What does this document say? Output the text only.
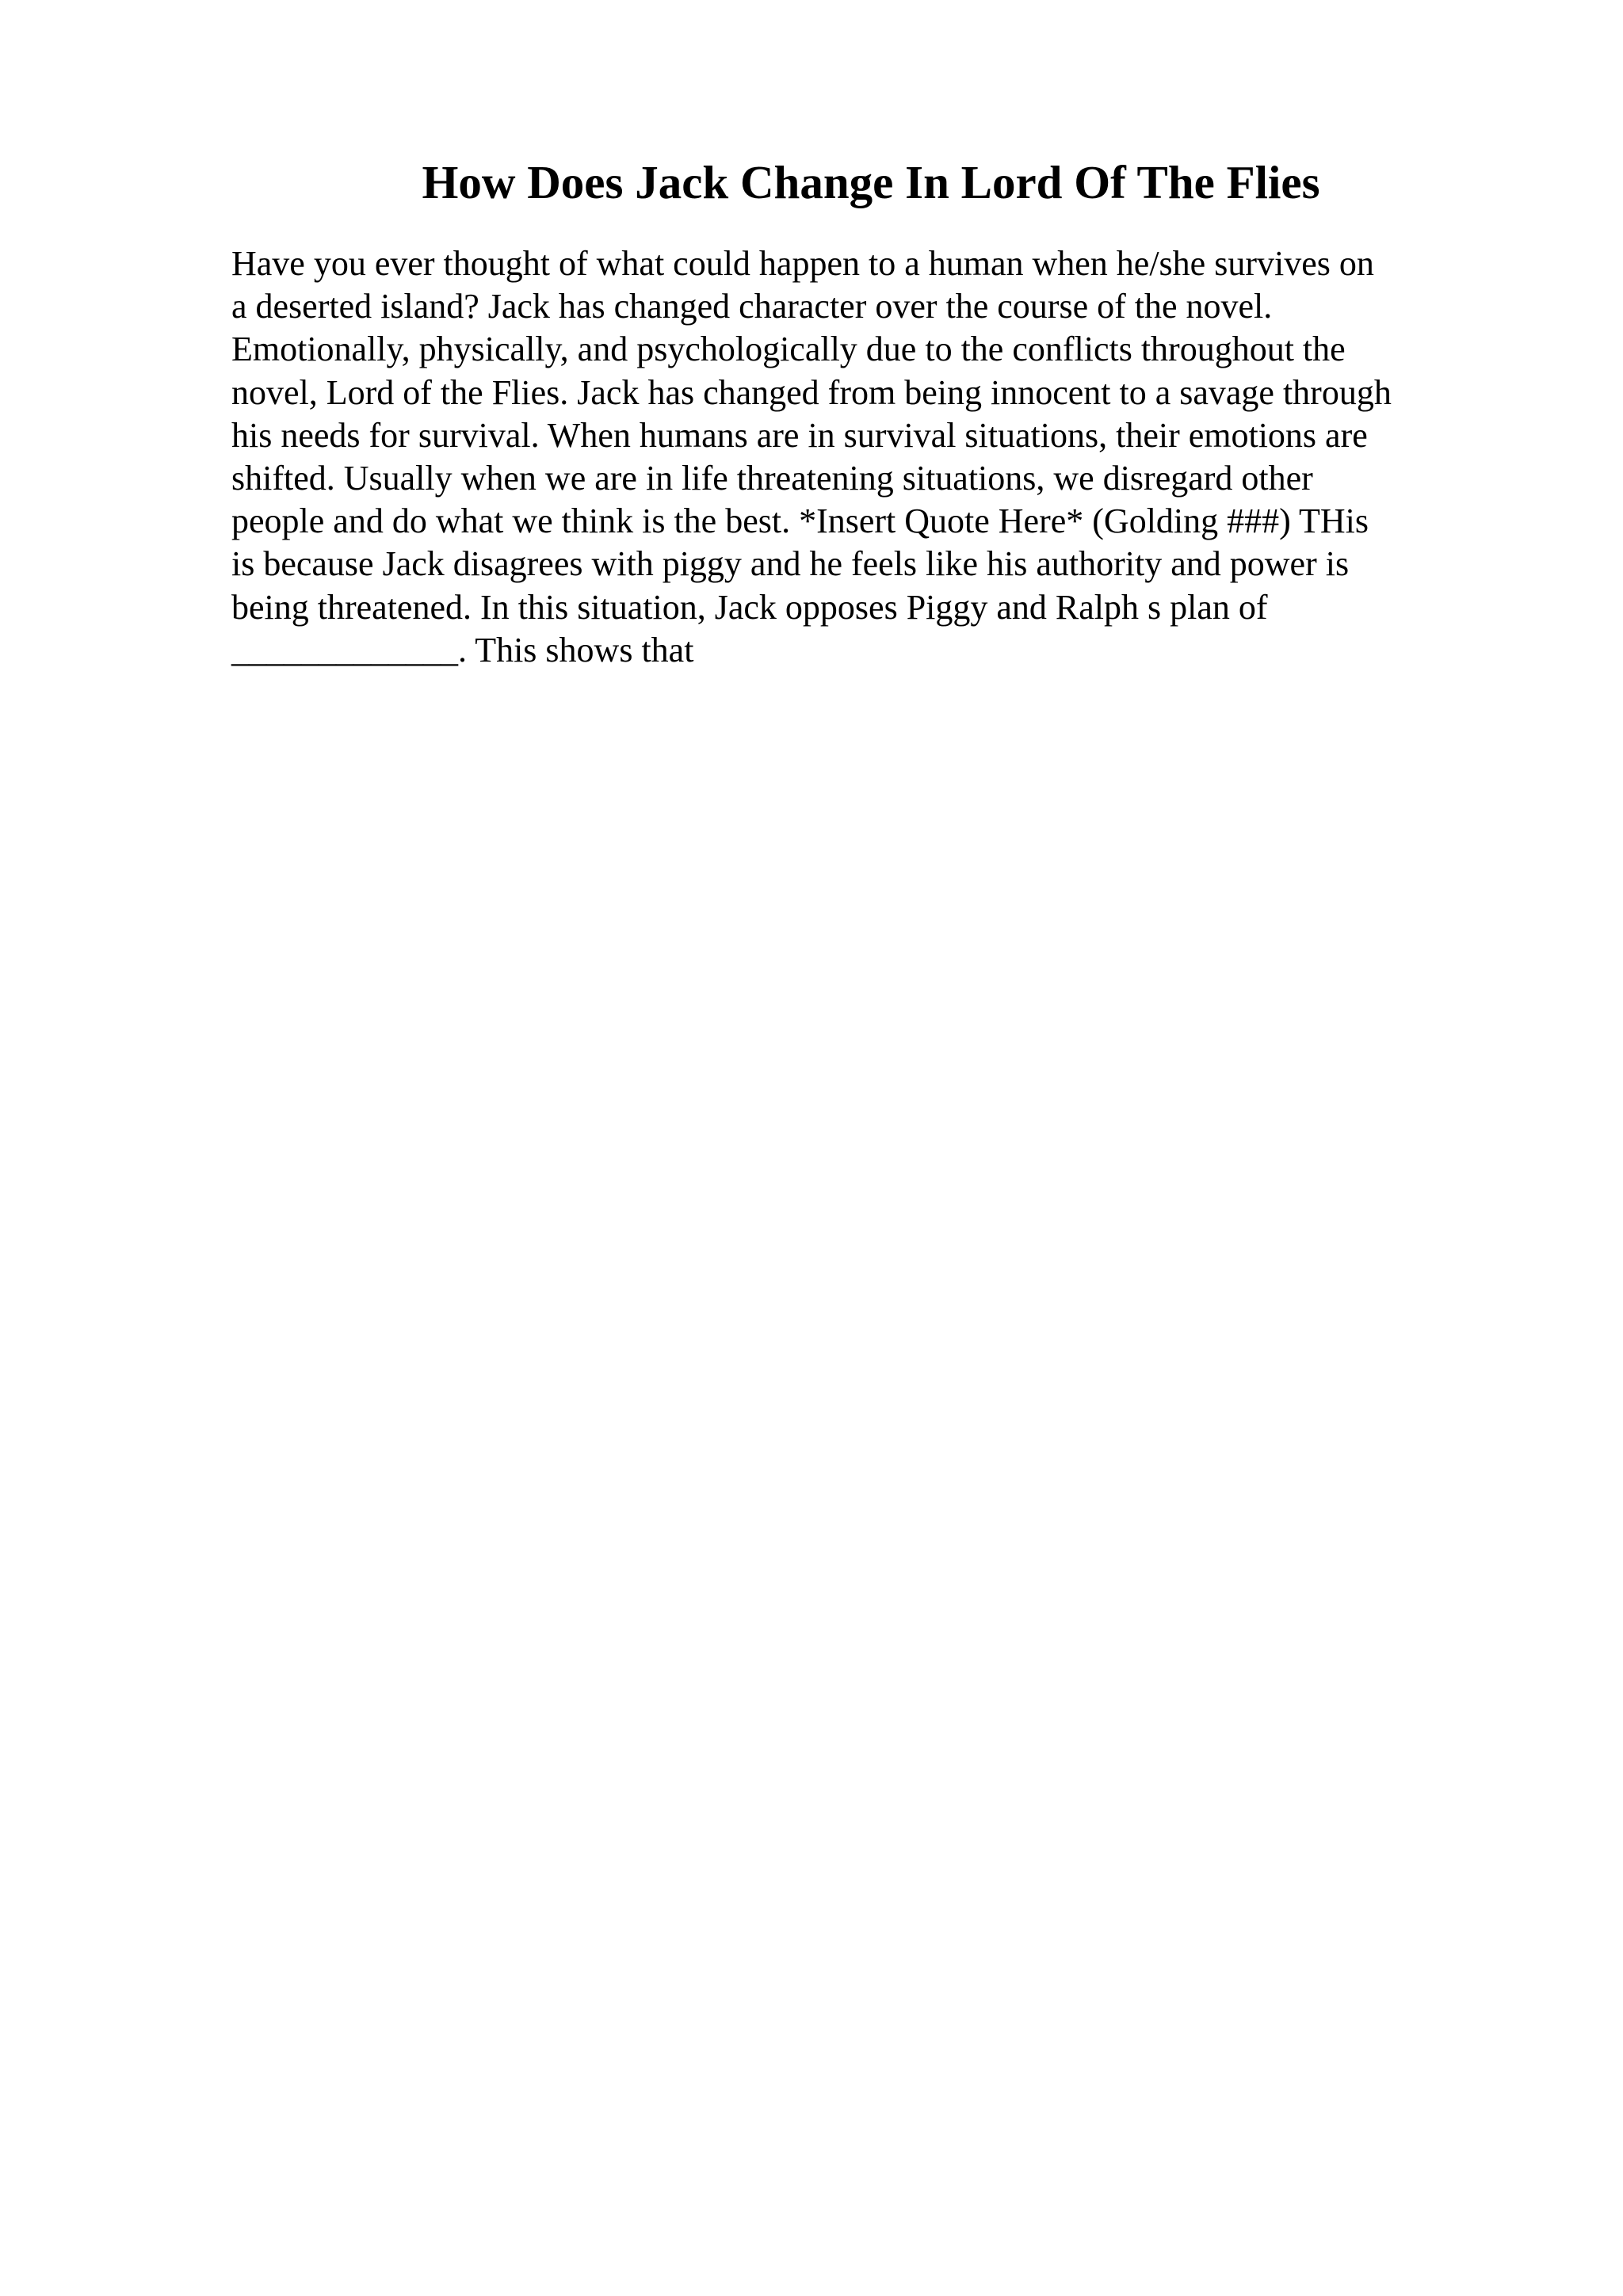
How Does Jack Change In Lord Of The Flies
Have you ever thought of what could happen to a human when he/she survives on
a deserted island? Jack has changed character over the course of the novel.
Emotionally, physically, and psychologically due to the conflicts throughout the
novel, Lord of the Flies. Jack has changed from being innocent to a savage through
his needs for survival. When humans are in survival situations, their emotions are
shifted. Usually when we are in life threatening situations, we disregard other
people and do what we think is the best. *Insert Quote Here* (Golding ###) THis
is because Jack disagrees with piggy and he feels like his authority and power is
being threatened. In this situation, Jack opposes Piggy and Ralph s plan of
_____________. This shows that
